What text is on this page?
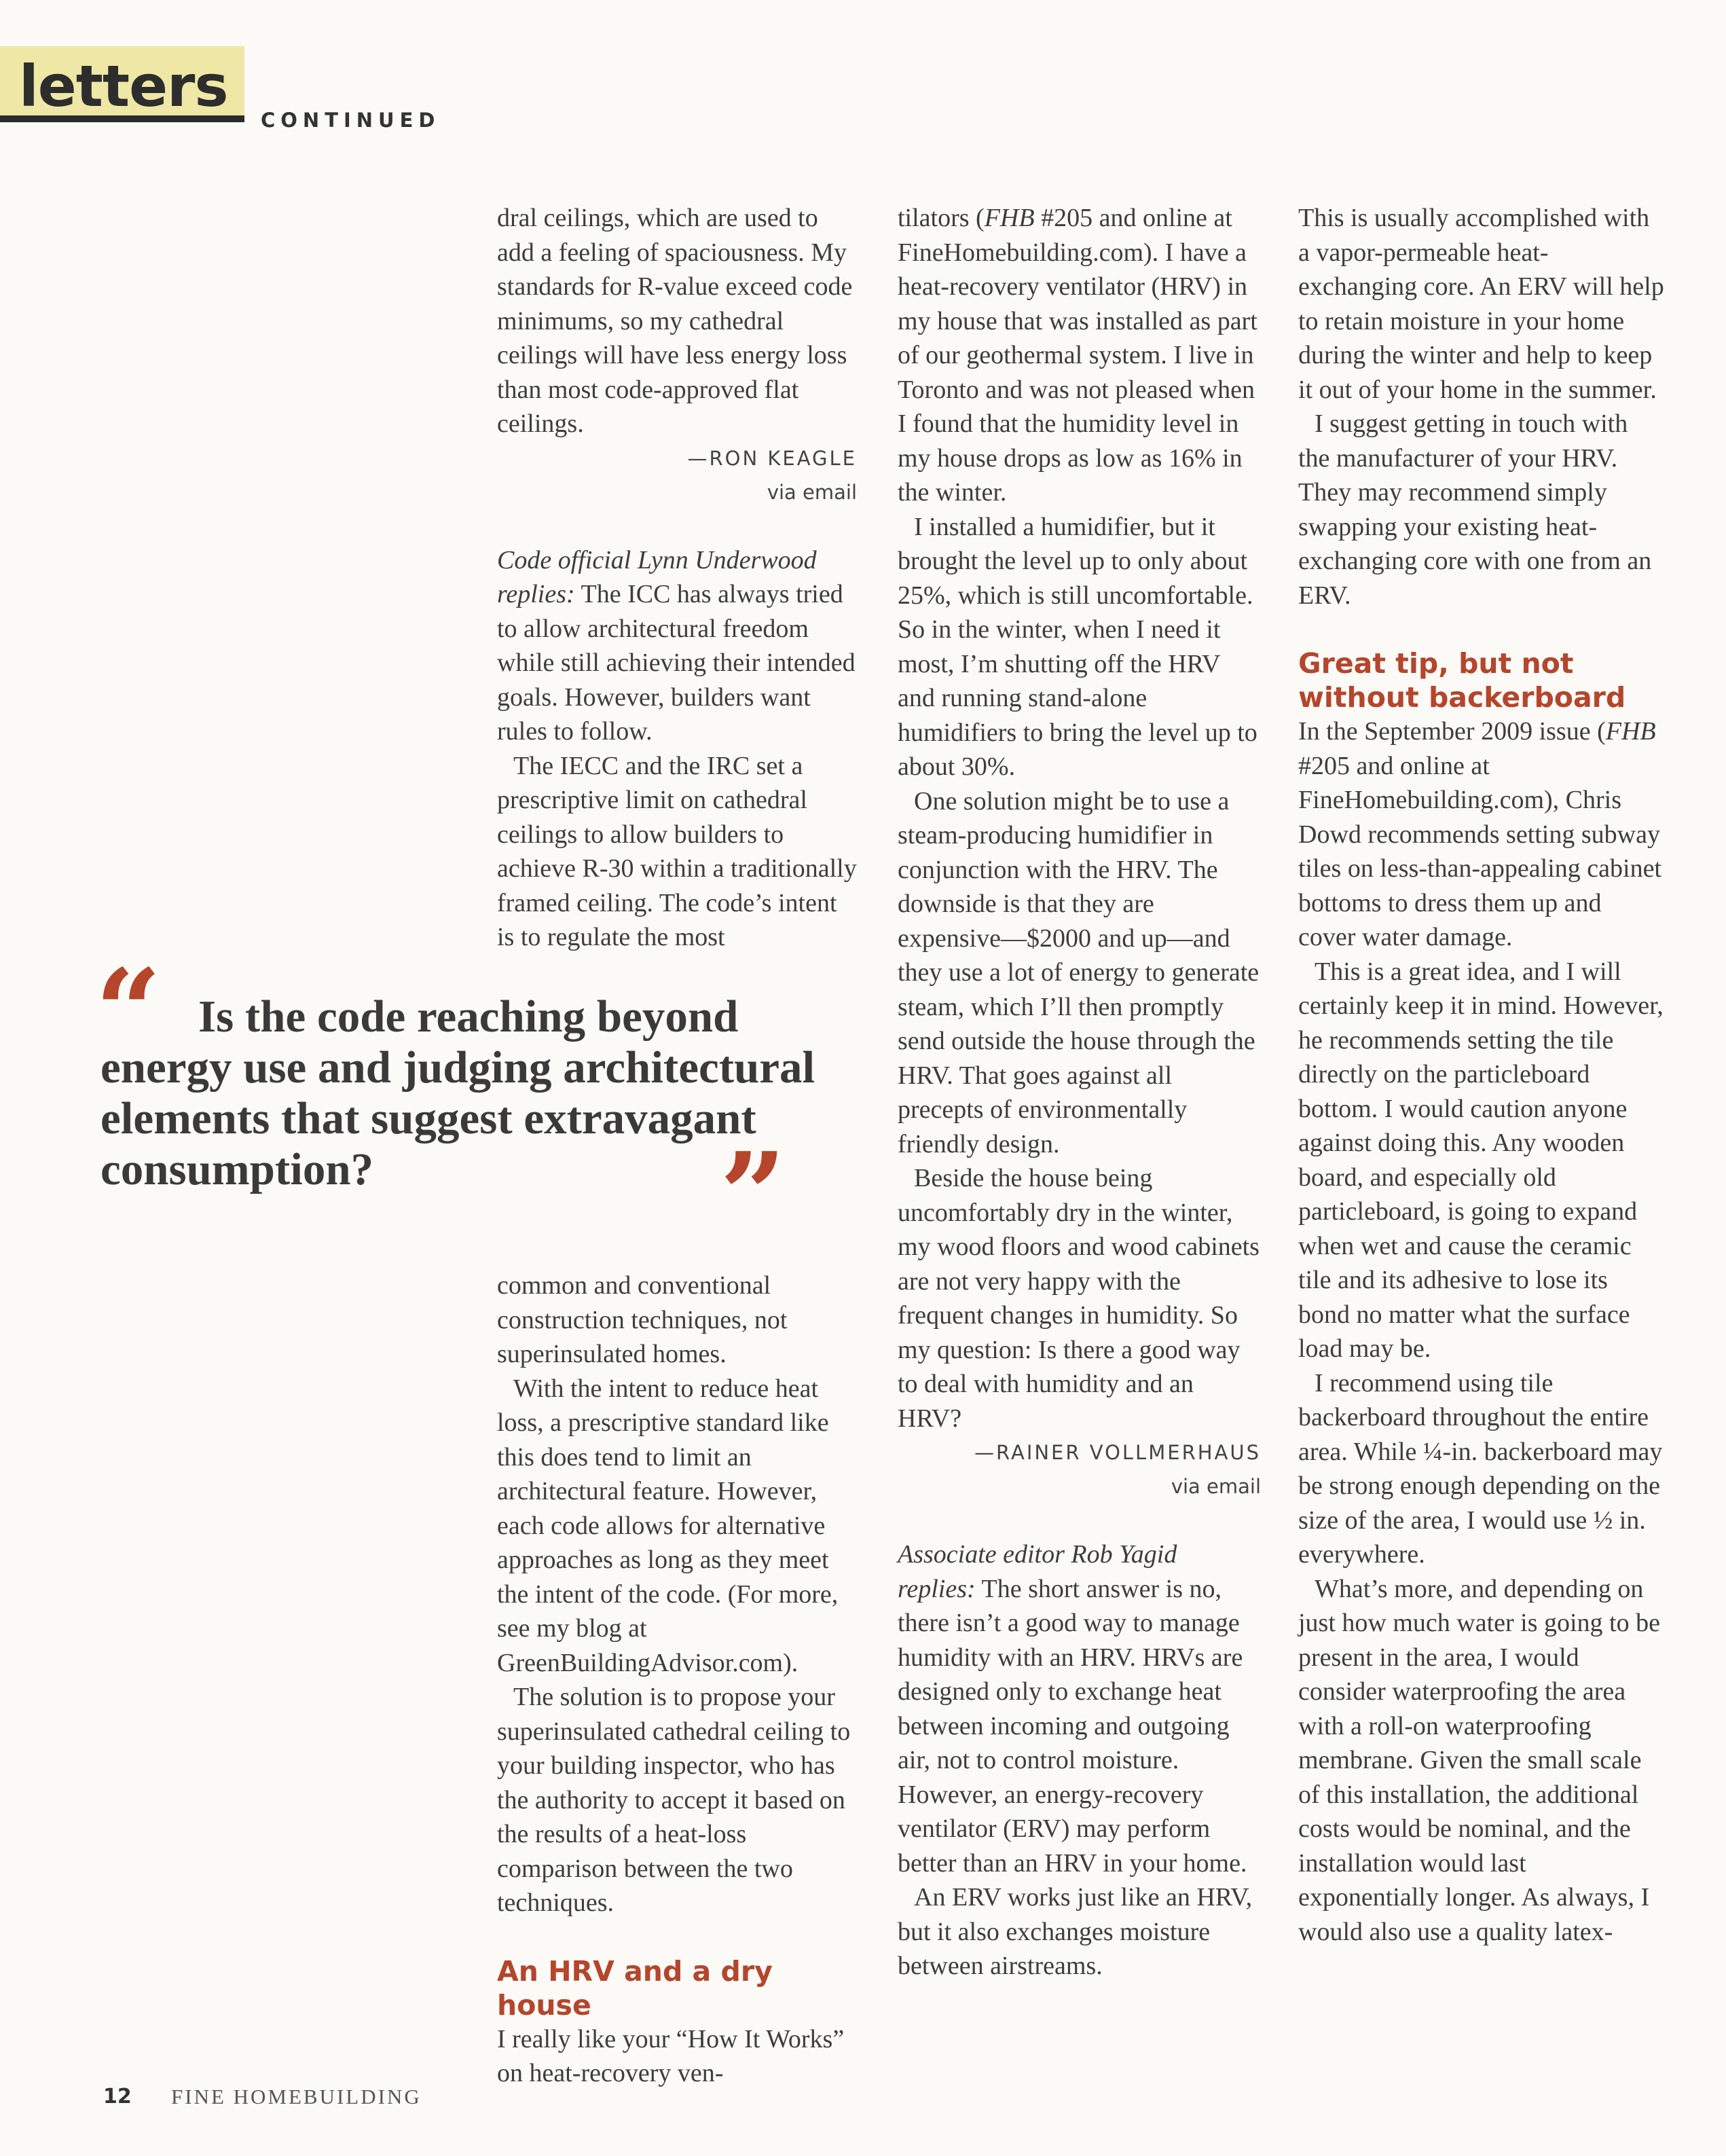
letters
CONTINUED

dral ceilings, which are used to add a feeling of spaciousness. My standards for R-value exceed code minimums, so my cathedral ceilings will have less energy loss than most code-approved flat ceilings.

—RON KEAGLE
via email

Code official Lynn Underwood replies: The ICC has always tried to allow architectural freedom while still achieving their intended goals. However, builders want rules to follow.

The IECC and the IRC set a prescriptive limit on cathedral ceilings to allow builders to achieve R-30 within a traditionally framed ceiling. The code’s intent is to regulate the most

“ Is the code reaching beyond energy use and judging architectural elements that suggest extravagant consumption?	”

common and conventional construction techniques, not superinsulated homes.

With the intent to reduce heat loss, a prescriptive standard like this does tend to limit an architectural feature. However, each code allows for alternative approaches as long as they meet the intent of the code. (For more, see my blog at GreenBuildingAdvisor.com).

The solution is to propose your superinsulated cathedral ceiling to your building inspector, who has the authority to accept it based on the results of a heat-loss comparison between the two techniques.

An HRV and a dry house

I really like your “How It Works” on heat-recovery ven-

tilators (FHB #205 and online at FineHomebuilding.com). I have a heat-recovery ventilator (HRV) in my house that was installed as part of our geothermal system. I live in Toronto and was not pleased when I found that the humidity level in my house drops as low as 16% in the winter.

I installed a humidifier, but it brought the level up to only about 25%, which is still uncomfortable. So in the winter, when I need it most, I’m shutting off the HRV and running stand-alone humidifiers to bring the level up to about 30%.

One solution might be to use a steam-producing humidifier in conjunction with the HRV. The downside is that they are expensive—$2000 and up—and they use a lot of energy to generate steam, which I’ll then promptly send outside the house through the HRV. That goes against all precepts of environmentally friendly design.

Beside the house being uncomfortably dry in the winter, my wood floors and wood cabinets are not very happy with the frequent changes in humidity. So my question: Is there a good way to deal with humidity and an HRV?

—RAINER VOLLMERHAUS
via email

Associate editor Rob Yagid replies: The short answer is no, there isn’t a good way to manage humidity with an HRV. HRVs are designed only to exchange heat between incoming and outgoing air, not to control moisture. However, an energy-recovery ventilator (ERV) may perform better than an HRV in your home.

An ERV works just like an HRV, but it also exchanges moisture between airstreams.

This is usually accomplished with a vapor-permeable heat-exchanging core. An ERV will help to retain moisture in your home during the winter and help to keep it out of your home in the summer.

I suggest getting in touch with the manufacturer of your HRV. They may recommend simply swapping your existing heat-exchanging core with one from an ERV.

Great tip, but not
without backerboard

In the September 2009 issue (FHB #205 and online at FineHomebuilding.com), Chris Dowd recommends setting subway tiles on less-than-appealing cabinet bottoms to dress them up and cover water damage.

This is a great idea, and I will certainly keep it in mind. However, he recommends setting the tile directly on the particleboard bottom. I would caution anyone against doing this. Any wooden board, and especially old particleboard, is going to expand when wet and cause the ceramic tile and its adhesive to lose its bond no matter what the surface load may be.

I recommend using tile backerboard throughout the entire area. While ¼-in. backerboard may be strong enough depending on the size of the area, I would use ½ in. everywhere.

What’s more, and depending on just how much water is going to be present in the area, I would consider waterproofing the area with a roll-on waterproofing membrane. Given the small scale of this installation, the additional costs would be nominal, and the installation would last exponentially longer. As always, I would also use a quality latex-

12 FINE HOMEBUILDING
